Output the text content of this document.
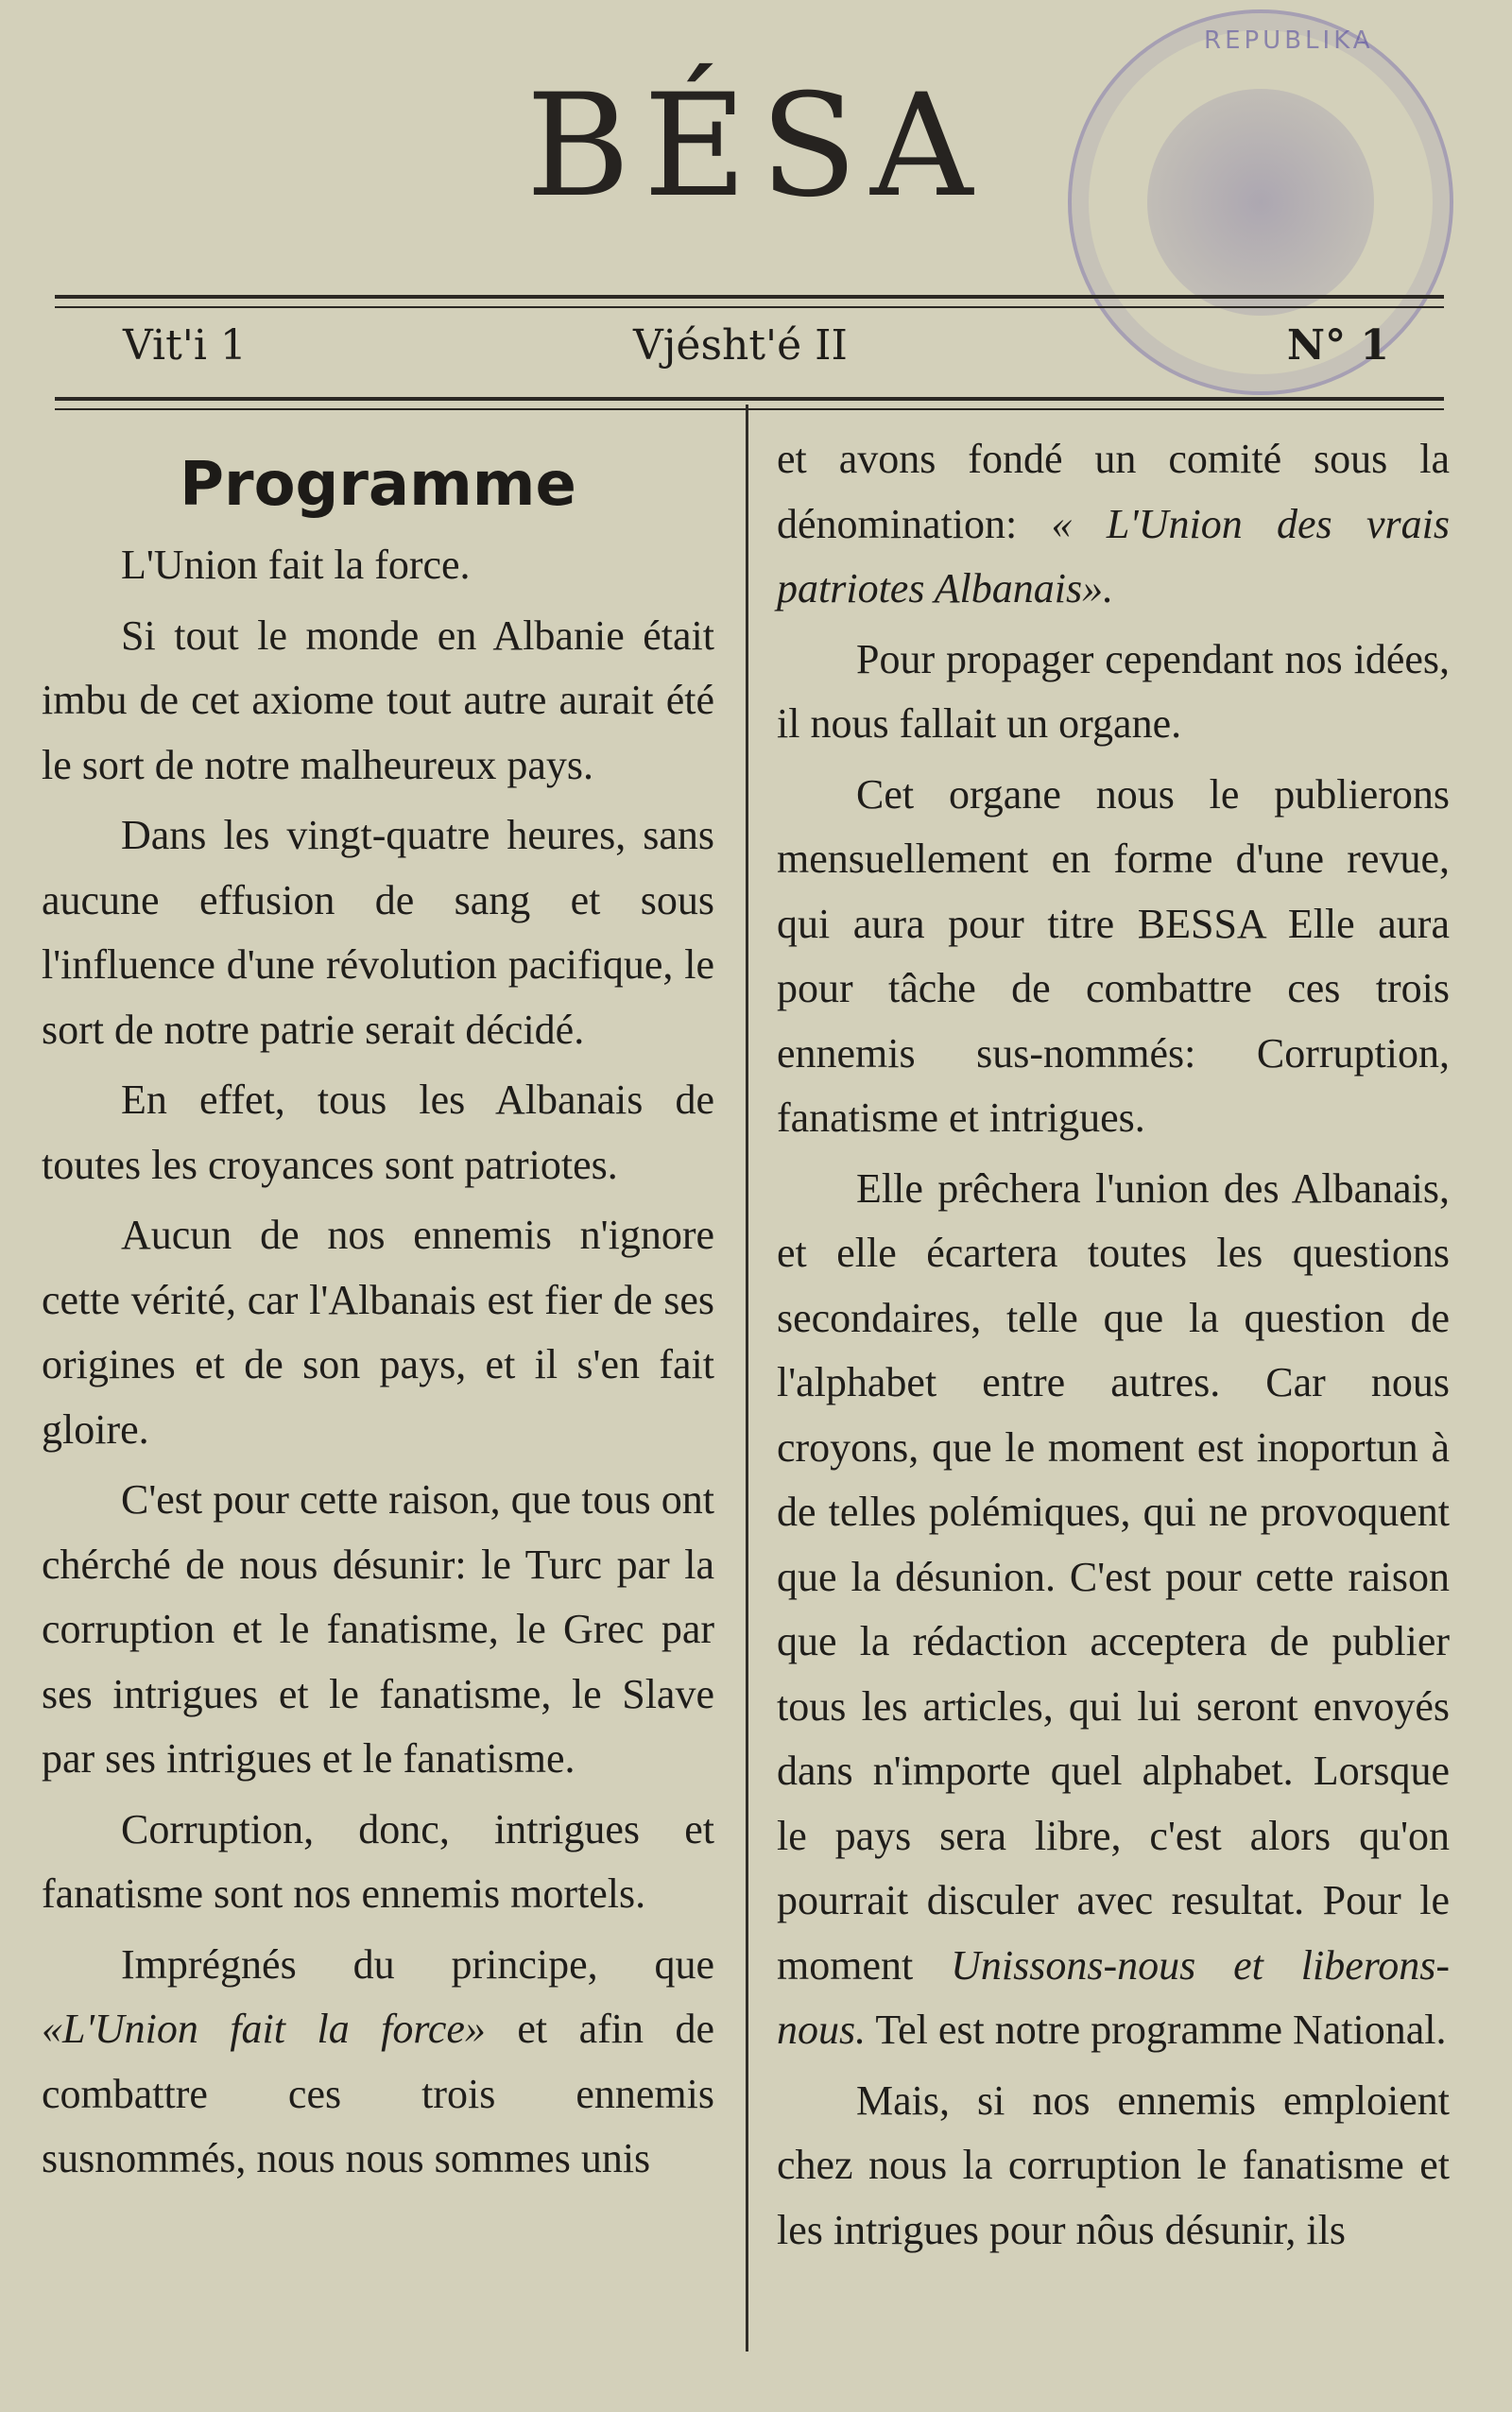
REPUBLIKA
BÉSA
Vit'i 1	Vjésht'é II	N° 1
Programme

L'Union fait la force.

Si tout le monde en Albanie était imbu de cet axiome tout autre aurait été le sort de notre malheureux pays.

Dans les vingt-quatre heures, sans aucune effusion de sang et sous l'influence d'une révolution pacifique, le sort de notre patrie serait décidé.

En effet, tous les Albanais de toutes les croyances sont patriotes.

Aucun de nos ennemis n'ignore cette vérité, car l'Albanais est fier de ses origines et de son pays, et il s'en fait gloire.

C'est pour cette raison, que tous ont chérché de nous désunir: le Turc par la corruption et le fanatisme, le Grec par ses intrigues et le fanatisme, le Slave par ses intrigues et le fanatisme.

Corruption, donc, intrigues et fanatisme sont nos ennemis mortels.

Imprégnés du principe, que «L'Union fait la force» et afin de combattre ces trois ennemis susnommés, nous nous sommes unis

et avons fondé un comité sous la dénomination: « L'Union des vrais patriotes Albanais».

Pour propager cependant nos idées, il nous fallait un organe.

Cet organe nous le publierons mensuellement en forme d'une revue, qui aura pour titre BESSA Elle aura pour tâche de combattre ces trois ennemis sus-nommés: Corruption, fanatisme et intrigues.

Elle prêchera l'union des Albanais, et elle écartera toutes les questions secondaires, telle que la question de l'alphabet entre autres. Car nous croyons, que le moment est inoportun à de telles polémiques, qui ne provoquent que la désunion. C'est pour cette raison que la rédaction acceptera de publier tous les articles, qui lui seront envoyés dans n'importe quel alphabet. Lorsque le pays sera libre, c'est alors qu'on pourrait disculer avec resultat. Pour le moment Unissons-nous et liberons-nous. Tel est notre programme National.

Mais, si nos ennemis emploient chez nous la corruption le fanatisme et les intrigues pour nôus désunir, ils
